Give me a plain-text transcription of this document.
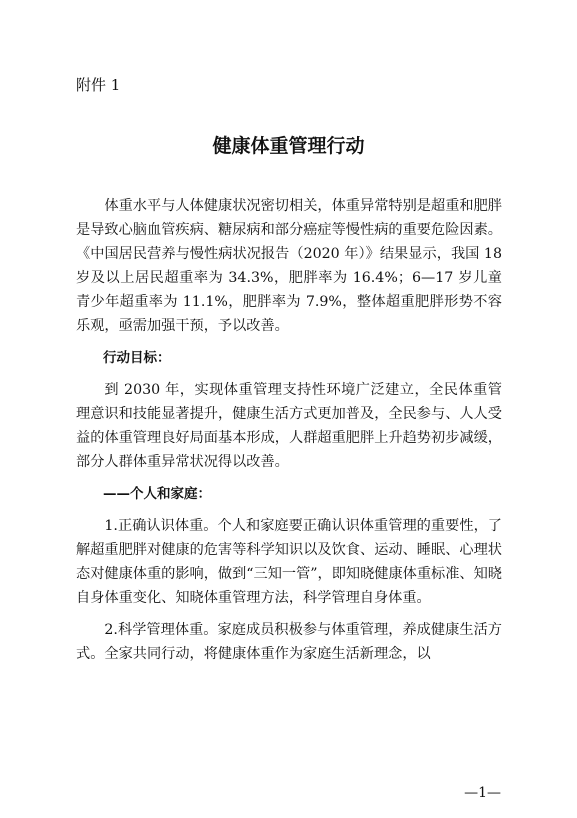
附件 1
健康体重管理行动

体重水平与人体健康状况密切相关，体重异常特别是超重和肥胖是导致心脑血管疾病、糖尿病和部分癌症等慢性病的重要危险因素。《中国居民营养与慢性病状况报告（2020 年）》结果显示，我国 18 岁及以上居民超重率为 34.3%，肥胖率为 16.4%；6—17 岁儿童青少年超重率为 11.1%，肥胖率为 7.9%，整体超重肥胖形势不容乐观，亟需加强干预，予以改善。

行动目标：

到 2030 年，实现体重管理支持性环境广泛建立，全民体重管理意识和技能显著提升，健康生活方式更加普及，全民参与、人人受益的体重管理良好局面基本形成，人群超重肥胖上升趋势初步减缓，部分人群体重异常状况得以改善。

——个人和家庭：

1.正确认识体重。个人和家庭要正确认识体重管理的重要性，了解超重肥胖对健康的危害等科学知识以及饮食、运动、睡眠、心理状态对健康体重的影响，做到“三知一管”，即知晓健康体重标准、知晓自身体重变化、知晓体重管理方法，科学管理自身体重。

2.科学管理体重。家庭成员积极参与体重管理，养成健康生活方式。全家共同行动，将健康体重作为家庭生活新理念，以

—1—
